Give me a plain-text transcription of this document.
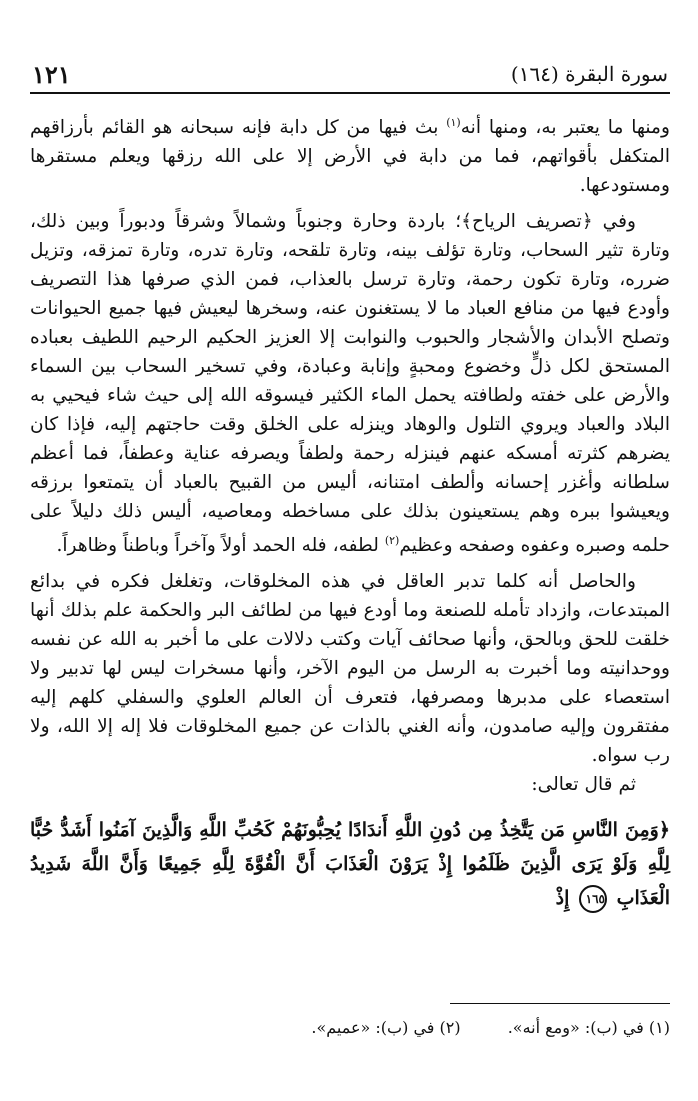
١٢١	سورة البقرة (١٦٤)

ومنها ما يعتبر به، ومنها أنه$^{(١)}$ بث فيها من كل دابة فإنه سبحانه هو القائم بأرزاقهم المتكفل بأقواتهم، فما من دابة في الأرض إلا على الله رزقها ويعلم مستقرها ومستودعها.

وفي ﴿تصريف الرياح﴾؛ باردة وحارة وجنوباً وشمالاً وشرقاً ودبوراً وبين ذلك، وتارة تثير السحاب، وتارة تؤلف بينه، وتارة تلقحه، وتارة تدره، وتارة تمزقه، وتزيل ضرره، وتارة تكون رحمة، وتارة ترسل بالعذاب، فمن الذي صرفها هذا التصريف وأودع فيها من منافع العباد ما لا يستغنون عنه، وسخرها ليعيش فيها جميع الحيوانات وتصلح الأبدان والأشجار والحبوب والنوابت إلا العزيز الحكيم الرحيم اللطيف بعباده المستحق لكل ذلٍّ وخضوع ومحبةٍ وإنابة وعبادة، وفي تسخير السحاب بين السماء والأرض على خفته ولطافته يحمل الماء الكثير فيسوقه الله إلى حيث شاء فيحيي به البلاد والعباد ويروي التلول والوهاد وينزله على الخلق وقت حاجتهم إليه، فإذا كان يضرهم كثرته أمسكه عنهم فينزله رحمة ولطفاً ويصرفه عناية وعطفاً، فما أعظم سلطانه وأغزر إحسانه وألطف امتنانه، أليس من القبيح بالعباد أن يتمتعوا برزقه ويعيشوا ببره وهم يستعينون بذلك على مساخطه ومعاصيه، أليس ذلك دليلاً على حلمه وصبره وعفوه وصفحه وعظيم$^{(٢)}$ لطفه، فله الحمد أولاً وآخراً وباطناً وظاهراً.

والحاصل أنه كلما تدبر العاقل في هذه المخلوقات، وتغلغل فكره في بدائع المبتدعات، وازداد تأمله للصنعة وما أودع فيها من لطائف البر والحكمة علم بذلك أنها خلقت للحق وبالحق، وأنها صحائف آيات وكتب دلالات على ما أخبر به الله عن نفسه ووحدانيته وما أخبرت به الرسل من اليوم الآخر، وأنها مسخرات ليس لها تدبير ولا استعصاء على مدبرها ومصرفها، فتعرف أن العالم العلوي والسفلي كلهم إليه مفتقرون وإليه صامدون، وأنه الغني بالذات عن جميع المخلوقات فلا إله إلا الله، ولا رب سواه.

ثم قال تعالى:

﴿وَمِنَ النَّاسِ مَن يَتَّخِذُ مِن دُونِ اللَّهِ أَندَادًا يُحِبُّونَهُمْ كَحُبِّ اللَّهِ وَالَّذِينَ آمَنُوا أَشَدُّ حُبًّا لِلَّهِ وَلَوْ يَرَى الَّذِينَ ظَلَمُوا إِذْ يَرَوْنَ الْعَذَابَ أَنَّ الْقُوَّةَ لِلَّهِ جَمِيعًا وَأَنَّ اللَّهَ شَدِيدُ الْعَذَابِ ١٦٥ إِذْ
(١) في (ب): «ومع أنه». (٢) في (ب): «عميم».
